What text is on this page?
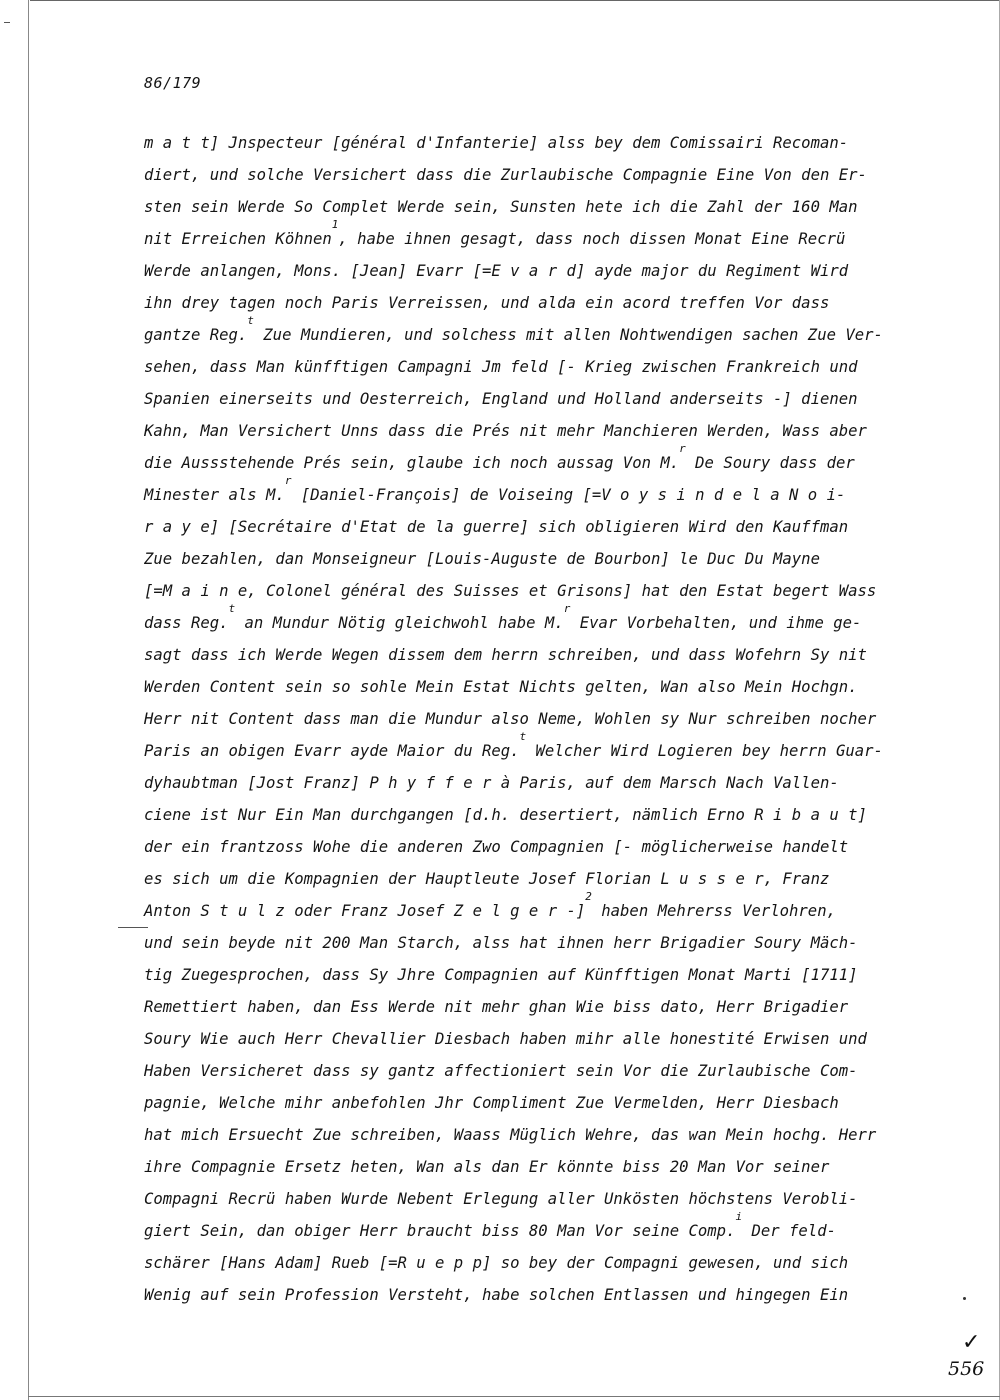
86/179
m a t t] Jnspecteur [général d'Infanterie] alss bey dem Comissairi Recoman-
diert, und solche Versichert dass die Zurlaubische Compagnie Eine Von den Er-
sten sein Werde So Complet Werde sein, Sunsten hete ich die Zahl der 160 Man
nit Erreichen Köhnen$^1$, habe ihnen gesagt, dass noch dissen Monat Eine Recrü
Werde anlangen, Mons. [Jean] Evarr [=E v a r d] ayde major du Regiment Wird
ihn drey tagen noch Paris Verreissen, und alda ein acord treffen Vor dass
gantze Reg.$^t$ Zue Mundieren, und solchess mit allen Nohtwendigen sachen Zue Ver-
sehen, dass Man künfftigen Campagni Jm feld [- Krieg zwischen Frankreich und
Spanien einerseits und Oesterreich, England und Holland anderseits -] dienen
Kahn, Man Versichert Unns dass die Prés nit mehr Manchieren Werden, Wass aber
die Aussstehende Prés sein, glaube ich noch aussag Von M.$^r$ De Soury dass der
Minester als M.$^r$ [Daniel-François] de Voiseing [=V o y s i n d e l a N o i-
r a y e] [Secrétaire d'Etat de la guerre] sich obligieren Wird den Kauffman
Zue bezahlen, dan Monseigneur [Louis-Auguste de Bourbon] le Duc Du Mayne
[=M a i n e, Colonel général des Suisses et Grisons] hat den Estat begert Wass
dass Reg.$^t$ an Mundur Nötig gleichwohl habe M.$^r$ Evar Vorbehalten, und ihme ge-
sagt dass ich Werde Wegen dissem dem herrn schreiben, und dass Wofehrn Sy nit
Werden Content sein so sohle Mein Estat Nichts gelten, Wan also Mein Hochgn.
Herr nit Content dass man die Mundur also Neme, Wohlen sy Nur schreiben nocher
Paris an obigen Evarr ayde Maior du Reg.$^t$ Welcher Wird Logieren bey herrn Guar-
dyhaubtman [Jost Franz] P h y f f e r à Paris, auf dem Marsch Nach Vallen-
ciene ist Nur Ein Man durchgangen [d.h. desertiert, nämlich Erno R i b a u t]
der ein frantzoss Wohe die anderen Zwo Compagnien [- möglicherweise handelt
es sich um die Kompagnien der Hauptleute Josef Florian L u s s e r, Franz
Anton S t u l z oder Franz Josef Z e l g e r -]$^2$ haben Mehrerss Verlohren,
und sein beyde nit 200 Man Starch, alss hat ihnen herr Brigadier Soury Mäch-
tig Zuegesprochen, dass Sy Jhre Compagnien auf Künfftigen Monat Marti [1711]
Remettiert haben, dan Ess Werde nit mehr ghan Wie biss dato, Herr Brigadier
Soury Wie auch Herr Chevallier Diesbach haben mihr alle honestité Erwisen und
Haben Versicheret dass sy gantz affectioniert sein Vor die Zurlaubische Com-
pagnie, Welche mihr anbefohlen Jhr Compliment Zue Vermelden, Herr Diesbach
hat mich Ersuecht Zue schreiben, Waass Müglich Wehre, das wan Mein hochg. Herr
ihre Compagnie Ersetz heten, Wan als dan Er könnte biss 20 Man Vor seiner
Compagni Recrü haben Wurde Nebent Erlegung aller Unkösten höchstens Verobli-
giert Sein, dan obiger Herr braucht biss 80 Man Vor seine Comp.$^i$ Der feld-
schärer [Hans Adam] Rueb [=R u e p p] so bey der Compagni gewesen, und sich
Wenig auf sein Profession Versteht, habe solchen Entlassen und hingegen Ein
✓
556
